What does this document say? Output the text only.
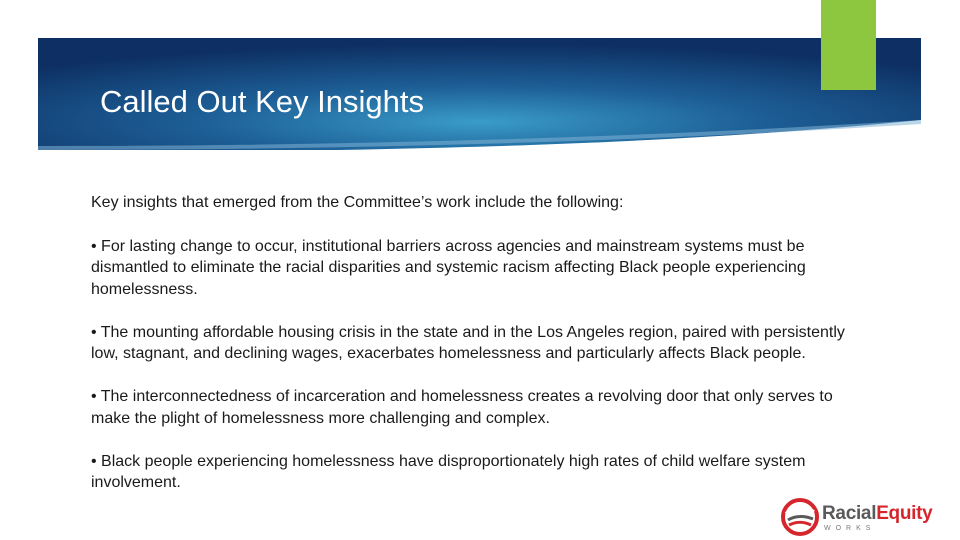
Called Out Key Insights

Key insights that emerged from the Committee’s work include the following:

• For lasting change to occur, institutional barriers across agencies and mainstream systems must be dismantled to eliminate the racial disparities and systemic racism affecting Black people experiencing homelessness.

• The mounting affordable housing crisis in the state and in the Los Angeles region, paired with persistently low, stagnant, and declining wages, exacerbates homelessness and particularly affects Black people.

• The interconnectedness of incarceration and homelessness creates a revolving door that only serves to make the plight of homelessness more challenging and complex.

• Black people experiencing homelessness have disproportionately high rates of child welfare system involvement.

RacialEquity
WORKS
